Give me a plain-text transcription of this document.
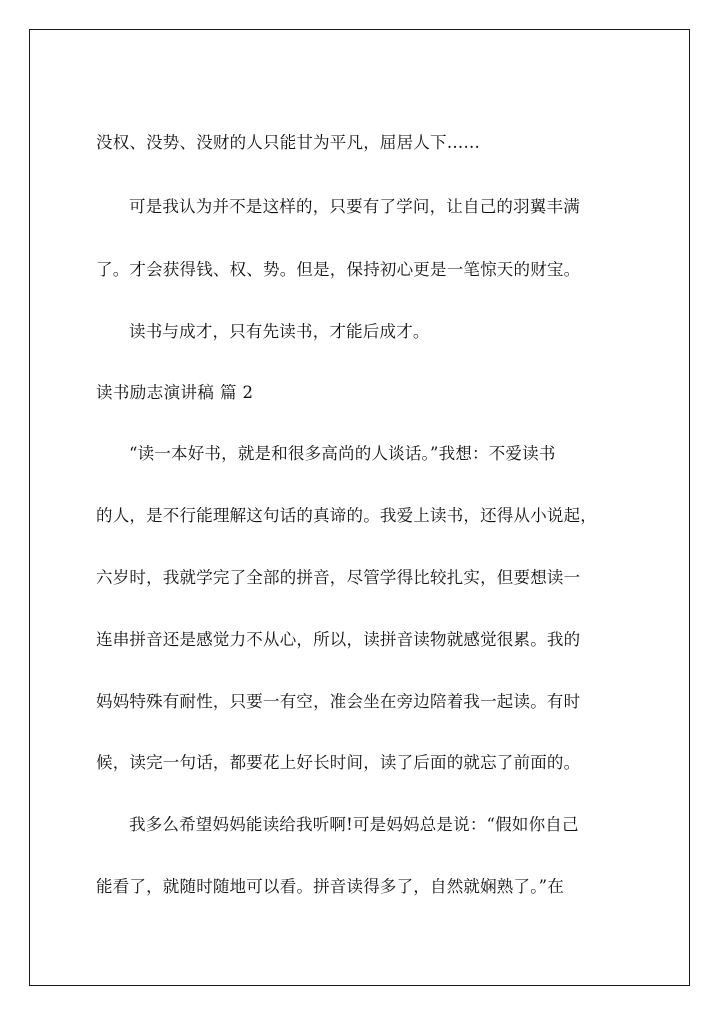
没权、没势、没财的人只能甘为平凡，屈居人下……
可是我认为并不是这样的，只要有了学问，让自己的羽翼丰满
了。才会获得钱、权、势。但是，保持初心更是一笔惊天的财宝。
读书与成才，只有先读书，才能后成才。
读书励志演讲稿 篇 2
“读一本好书，就是和很多高尚的人谈话。”我想：不爱读书
的人，是不行能理解这句话的真谛的。我爱上读书，还得从小说起，
六岁时，我就学完了全部的拼音，尽管学得比较扎实，但要想读一
连串拼音还是感觉力不从心，所以，读拼音读物就感觉很累。我的
妈妈特殊有耐性，只要一有空，准会坐在旁边陪着我一起读。有时
候，读完一句话，都要花上好长时间，读了后面的就忘了前面的。
我多么希望妈妈能读给我听啊!可是妈妈总是说：“假如你自己
能看了，就随时随地可以看。拼音读得多了，自然就娴熟了。”在
